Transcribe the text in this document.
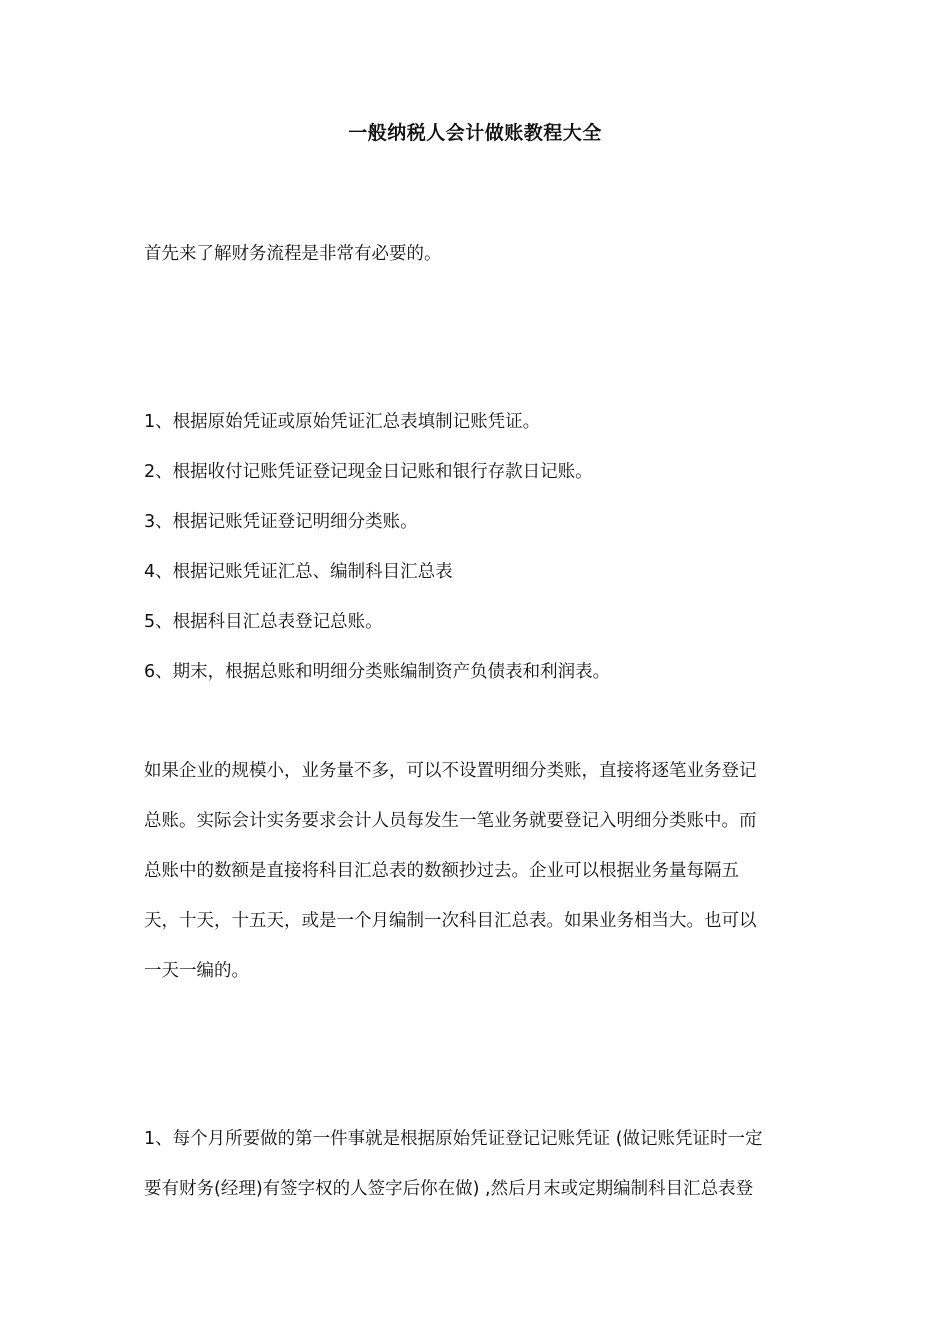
一般纳税人会计做账教程大全
首先来了解财务流程是非常有必要的。
1、根据原始凭证或原始凭证汇总表填制记账凭证。
2、根据收付记账凭证登记现金日记账和银行存款日记账。
3、根据记账凭证登记明细分类账。
4、根据记账凭证汇总、编制科目汇总表
5、根据科目汇总表登记总账。
6、期末，根据总账和明细分类账编制资产负债表和利润表。
如果企业的规模小，业务量不多，可以不设置明细分类账，直接将逐笔业务登记
总账。实际会计实务要求会计人员每发生一笔业务就要登记入明细分类账中。而
总账中的数额是直接将科目汇总表的数额抄过去。企业可以根据业务量每隔五
天，十天，十五天，或是一个月编制一次科目汇总表。如果业务相当大。也可以
一天一编的。
1、每个月所要做的第一件事就是根据原始凭证登记记账凭证 (做记账凭证时一定
要有财务(经理)有签字权的人签字后你在做) ,然后月末或定期编制科目汇总表登
